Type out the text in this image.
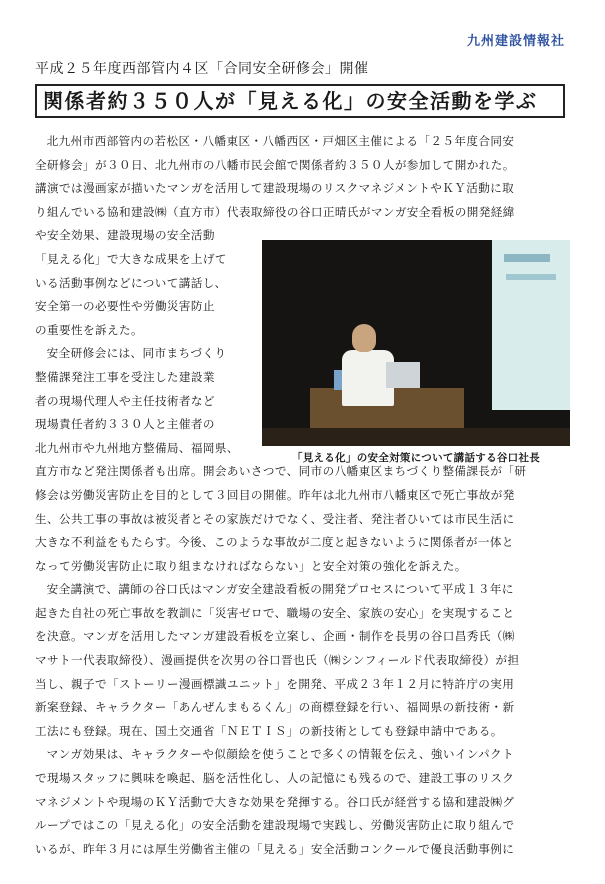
九州建設情報社
平成２５年度西部管内４区「合同安全研修会」開催
関係者約３５０人が「見える化」の安全活動を学ぶ
「見える化」の安全対策について講話する谷口社長
北九州市西部管内の若松区・八幡東区・八幡西区・戸畑区主催による「２５年度合同安
全研修会」が３０日、北九州市の八幡市民会館で関係者約３５０人が参加して開かれた。
講演では漫画家が描いたマンガを活用して建設現場のリスクマネジメントやＫＹ活動に取
り組んでいる協和建設㈱（直方市）代表取締役の谷口正晴氏がマンガ安全看板の開発経緯
や安全効果、建設現場の安全活動
「見える化」で大きな成果を上げて
いる活動事例などについて講話し、
安全第一の必要性や労働災害防止
の重要性を訴えた。
安全研修会には、同市まちづくり
整備課発注工事を受注した建設業
者の現場代理人や主任技術者など
現場責任者約３３０人と主催者の
北九州市や九州地方整備局、福岡県、
直方市など発注関係者も出席。開会あいさつで、同市の八幡東区まちづくり整備課長が「研
修会は労働災害防止を目的として３回目の開催。昨年は北九州市八幡東区で死亡事故が発
生、公共工事の事故は被災者とその家族だけでなく、受注者、発注者ひいては市民生活に
大きな不利益をもたらす。今後、このような事故が二度と起きないように関係者が一体と
なって労働災害防止に取り組まなければならない」と安全対策の強化を訴えた。
安全講演で、講師の谷口氏はマンガ安全建設看板の開発プロセスについて平成１３年に
起きた自社の死亡事故を教訓に「災害ゼロで、職場の安全、家族の安心」を実現すること
を決意。マンガを活用したマンガ建設看板を立案し、企画・制作を長男の谷口昌秀氏（㈱
マサト一代表取締役）、漫画提供を次男の谷口晋也氏（㈱シンフィールド代表取締役）が担
当し、親子で「ストーリー漫画標識ユニット」を開発、平成２３年１２月に特許庁の実用
新案登録、キャラクター「あんぜんまもるくん」の商標登録を行い、福岡県の新技術・新
工法にも登録。現在、国土交通省「ＮＥＴＩＳ」の新技術としても登録申請中である。
マンガ効果は、キャラクターや似顔絵を使うことで多くの情報を伝え、強いインパクト
で現場スタッフに興味を喚起、脳を活性化し、人の記憶にも残るので、建設工事のリスク
マネジメントや現場のＫＹ活動で大きな効果を発揮する。谷口氏が経営する協和建設㈱グ
ループではこの「見える化」の安全活動を建設現場で実践し、労働災害防止に取り組んで
いるが、昨年３月には厚生労働省主催の「見える」安全活動コンクールで優良活動事例に
